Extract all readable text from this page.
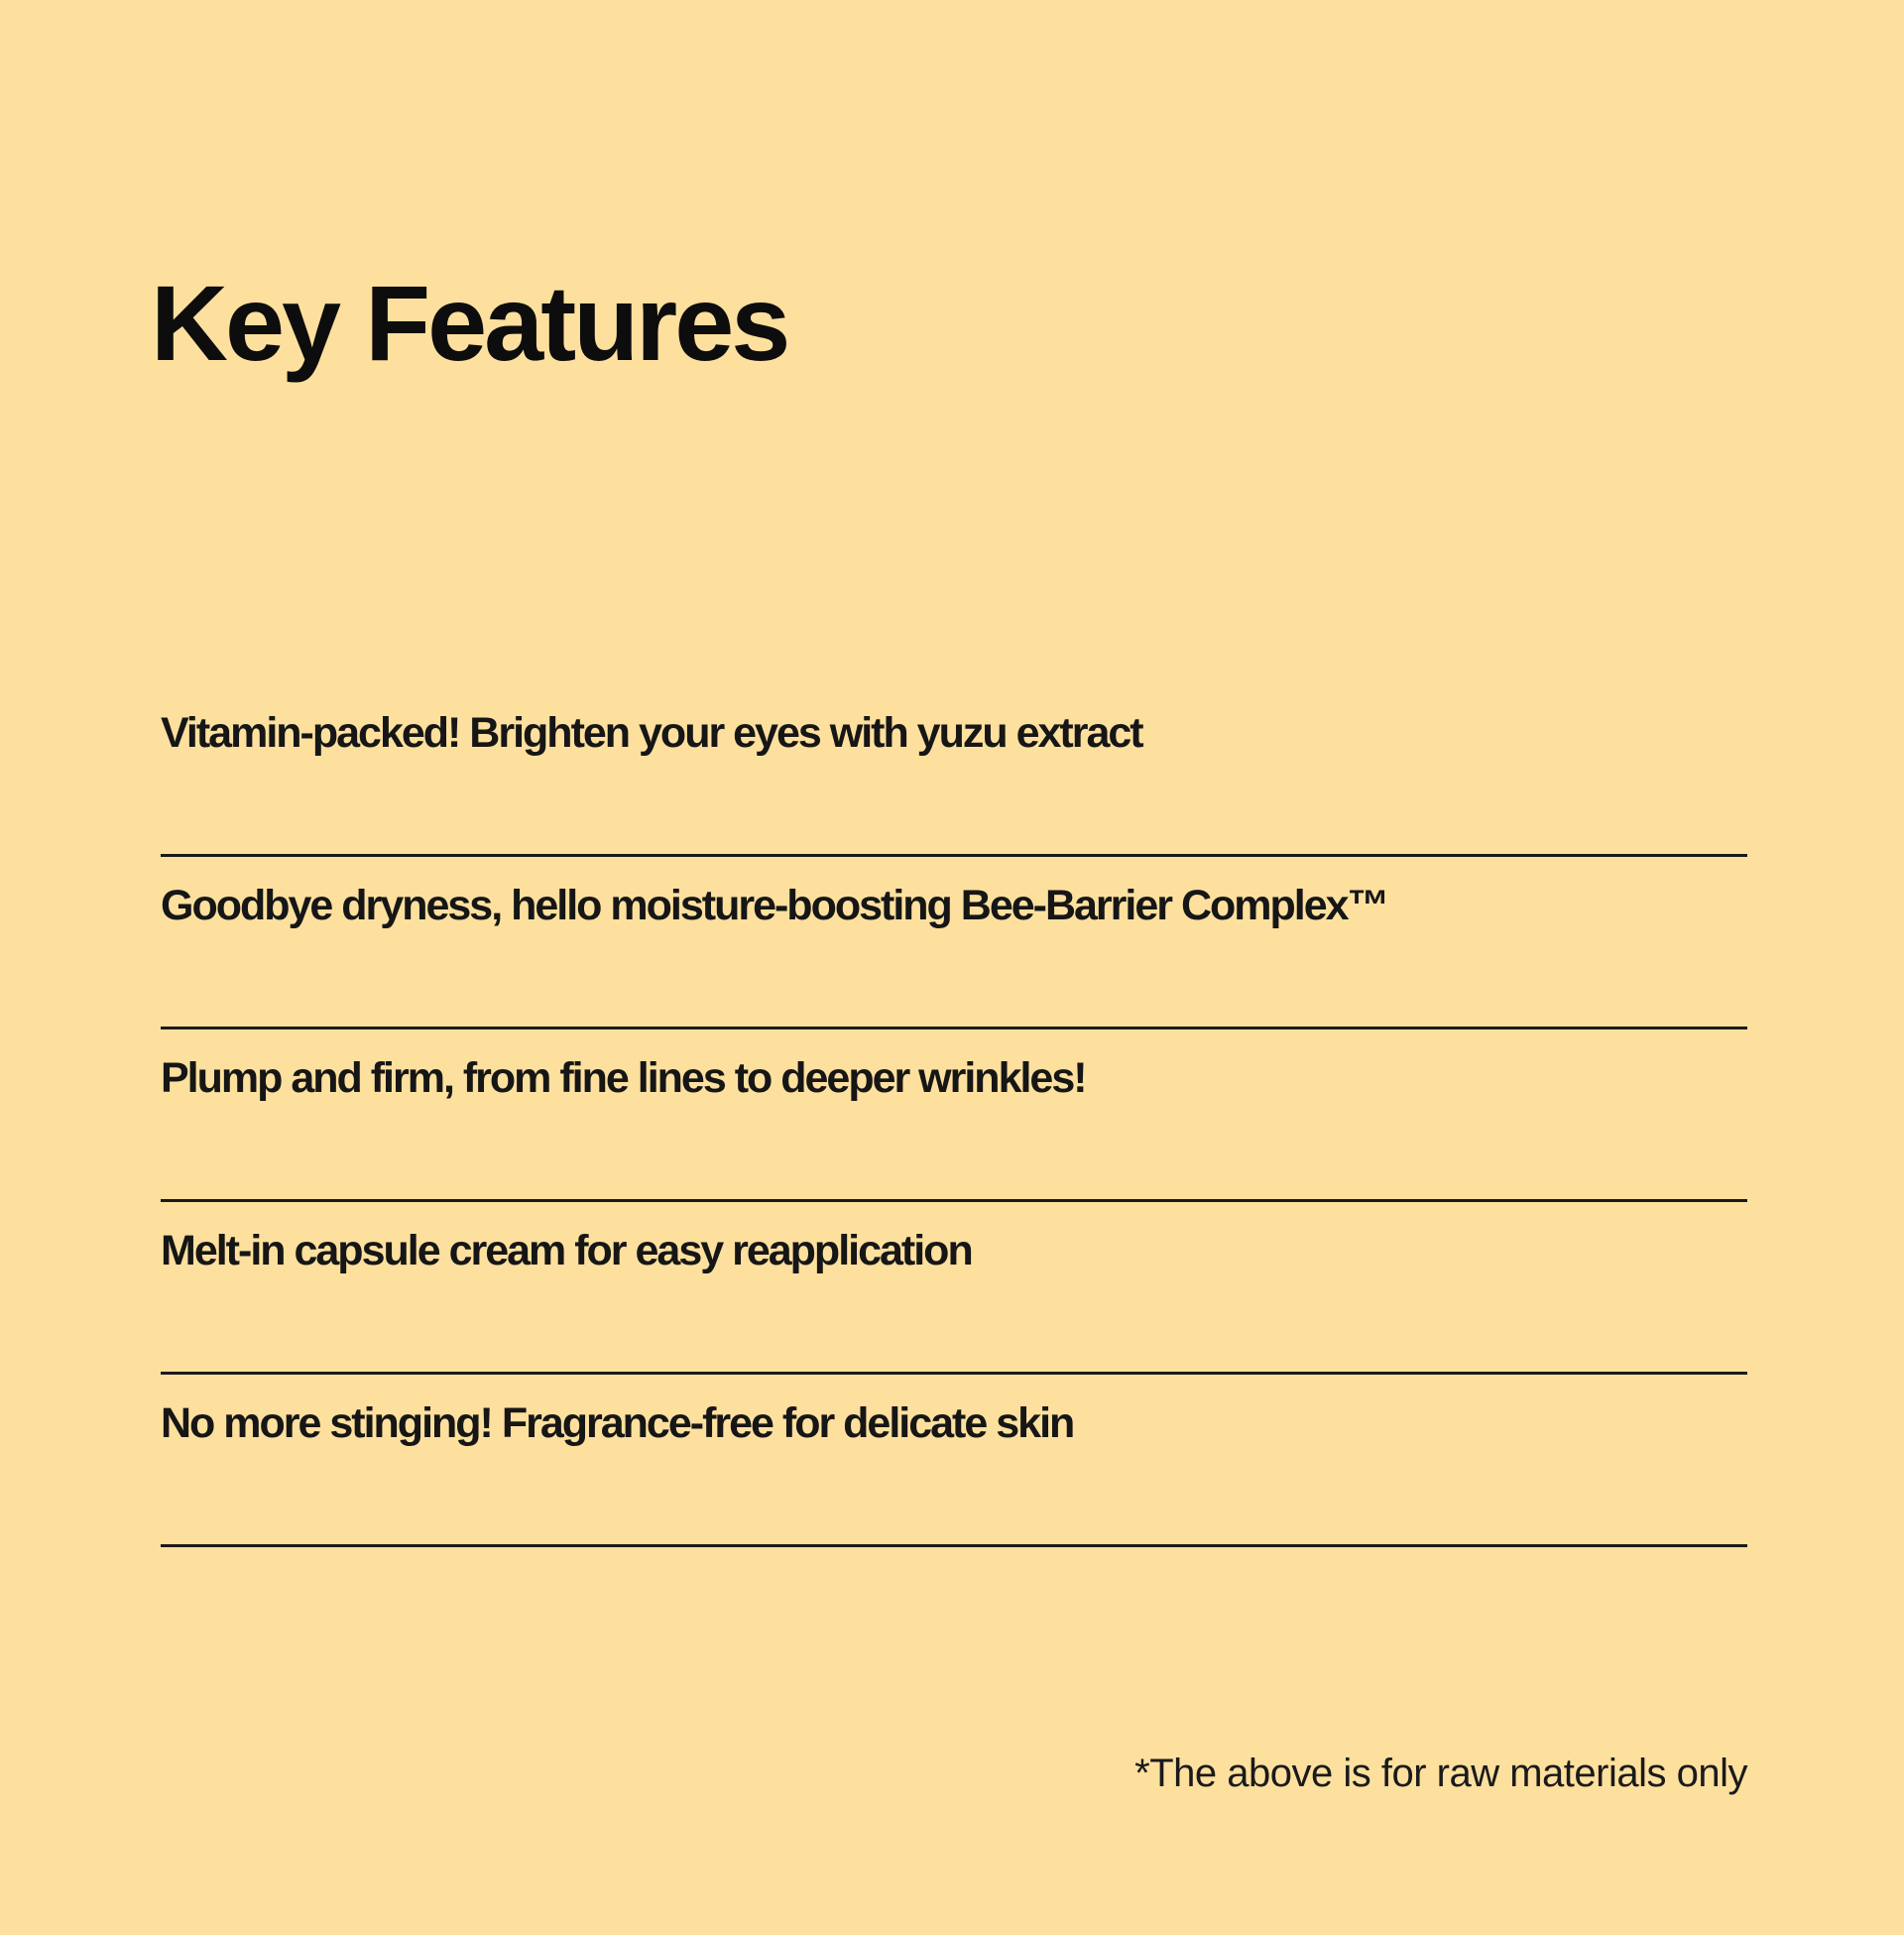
Key Features
Vitamin-packed! Brighten your eyes with yuzu extract
Goodbye dryness, hello moisture-boosting Bee-Barrier Complex™
Plump and firm, from fine lines to deeper wrinkles!
Melt-in capsule cream for easy reapplication
No more stinging! Fragrance-free for delicate skin

*The above is for raw materials only
